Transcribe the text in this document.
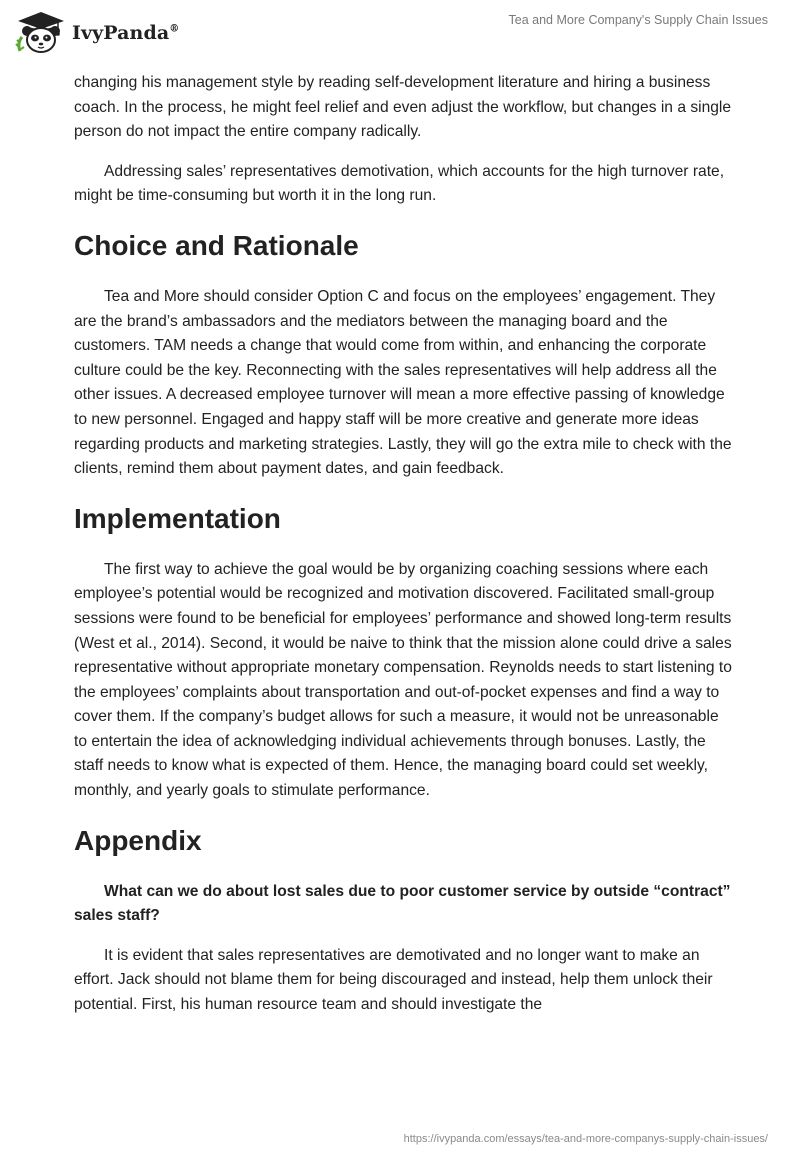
IvyPanda®
Tea and More Company's Supply Chain Issues

changing his management style by reading self-development literature and hiring a business coach. In the process, he might feel relief and even adjust the workflow, but changes in a single person do not impact the entire company radically.

Addressing sales’ representatives demotivation, which accounts for the high turnover rate, might be time-consuming but worth it in the long run.

Choice and Rationale

Tea and More should consider Option C and focus on the employees’ engagement. They are the brand’s ambassadors and the mediators between the managing board and the customers. TAM needs a change that would come from within, and enhancing the corporate culture could be the key. Reconnecting with the sales representatives will help address all the other issues. A decreased employee turnover will mean a more effective passing of knowledge to new personnel. Engaged and happy staff will be more creative and generate more ideas regarding products and marketing strategies. Lastly, they will go the extra mile to check with the clients, remind them about payment dates, and gain feedback.

Implementation

The first way to achieve the goal would be by organizing coaching sessions where each employee’s potential would be recognized and motivation discovered. Facilitated small-group sessions were found to be beneficial for employees’ performance and showed long-term results (West et al., 2014). Second, it would be naive to think that the mission alone could drive a sales representative without appropriate monetary compensation. Reynolds needs to start listening to the employees’ complaints about transportation and out-of-pocket expenses and find a way to cover them. If the company’s budget allows for such a measure, it would not be unreasonable to entertain the idea of acknowledging individual achievements through bonuses. Lastly, the staff needs to know what is expected of them. Hence, the managing board could set weekly, monthly, and yearly goals to stimulate performance.

Appendix

What can we do about lost sales due to poor customer service by outside “contract” sales staff?

It is evident that sales representatives are demotivated and no longer want to make an effort. Jack should not blame them for being discouraged and instead, help them unlock their potential. First, his human resource team and should investigate the

https://ivypanda.com/essays/tea-and-more-companys-supply-chain-issues/
